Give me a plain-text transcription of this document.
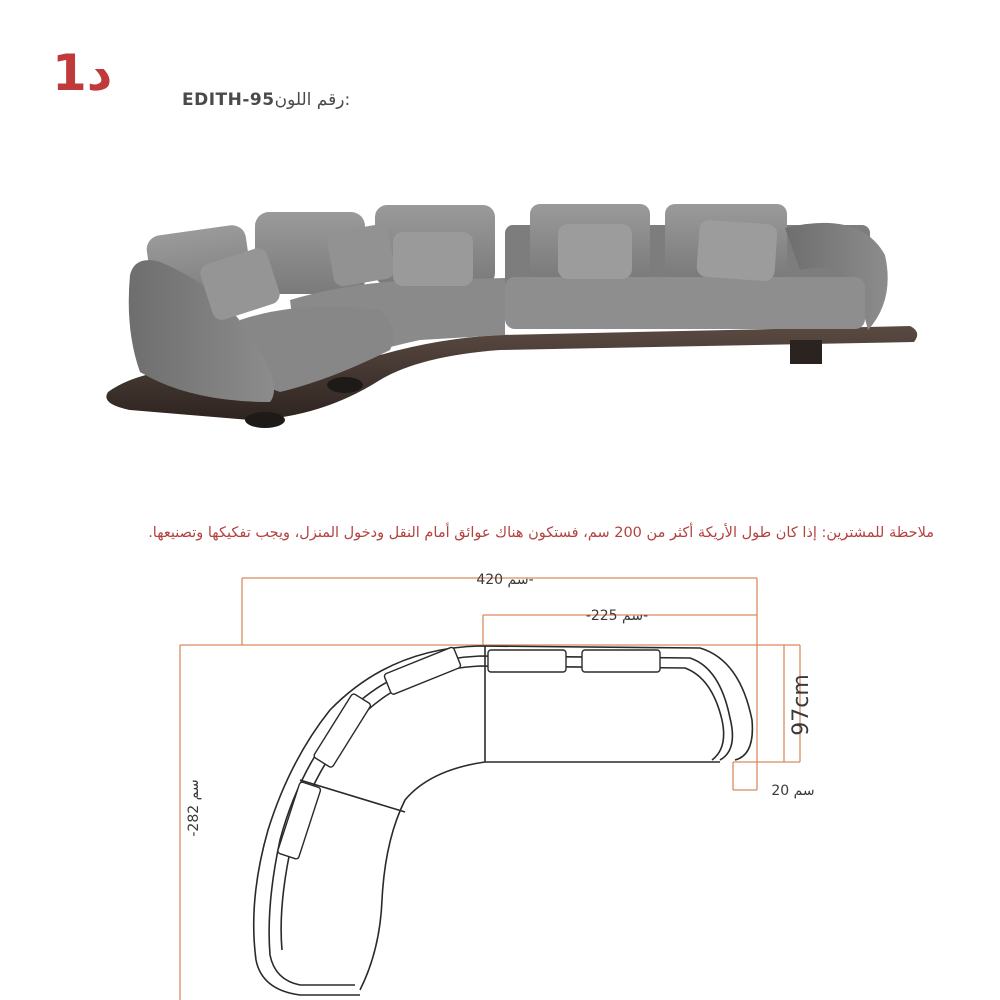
د1	EDITH-95 رقم اللون:
ملاحظة للمشترين: إذا كان طول الأريكة أكثر من 200 سم، فستكون هناك عوائق أمام النقل ودخول المنزل، ويجب تفكيكها وتصنيعها.
420 سم-
-225 سم-
97cm
20 سم
-282 سم
